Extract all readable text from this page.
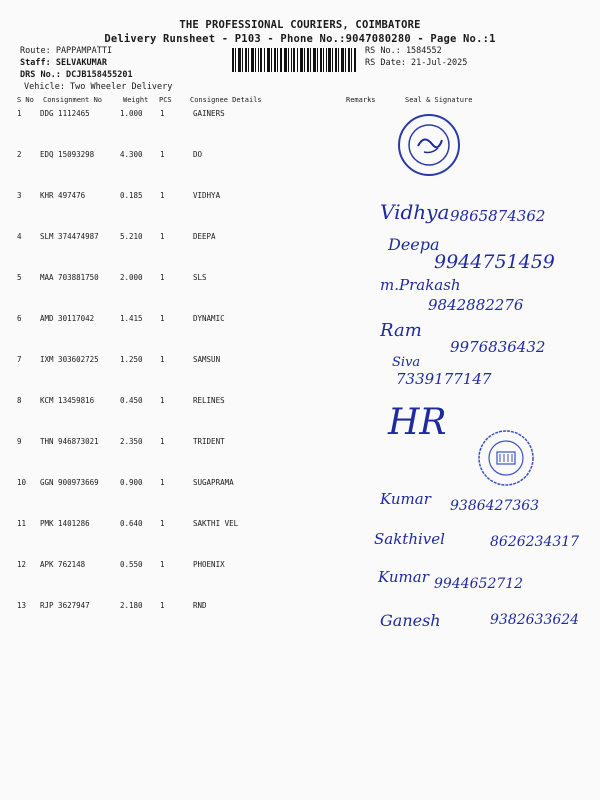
THE PROFESSIONAL COURIERS, COIMBATORE
Delivery Runsheet - P103 - Phone No.:9047080280 - Page No.:1
Route: PAPPAMPATTI
Staff: SELVAKUMAR
DRS No.: DCJB158455201
Vehicle: Two Wheeler Delivery
RS No.: 1584552
RS Date: 21-Jul-2025
S No Consignment No	Weight PCS	Consignee Details	Remarks	Seal & Signature
1 DDG 1112465	1.000 1	GAINERS
2 EDQ 15093298	4.300 1	DO
3 KHR 497476	0.185 1	VIDHYA
4 SLM 374474987	5.210 1	DEEPA
5 MAA 703881750	2.000 1	SLS
6 AMD 30117042	1.415 1	DYNAMIC
7 IXM 303602725	1.250 1	SAMSUN
8 KCM 13459816	0.450 1	RELINES
9 THN 946873021	2.350 1	TRIDENT
10 GGN 900973669	0.900 1	SUGAPRAMA
11 PMK 1401286	0.640 1	SAKTHI VEL
12 APK 762148	0.550 1	PHOENIX
13 RJP 3627947	2.180 1	RND
Vidhya 9865874362
Deepa
9944751459
m.Prakash
9842882276
Ram
9976836432
Siva
7339177147
HR
Kumar 9386427363
Sakthivel	8626234317
Kumar 9944652712
Ganesh	9382633624
